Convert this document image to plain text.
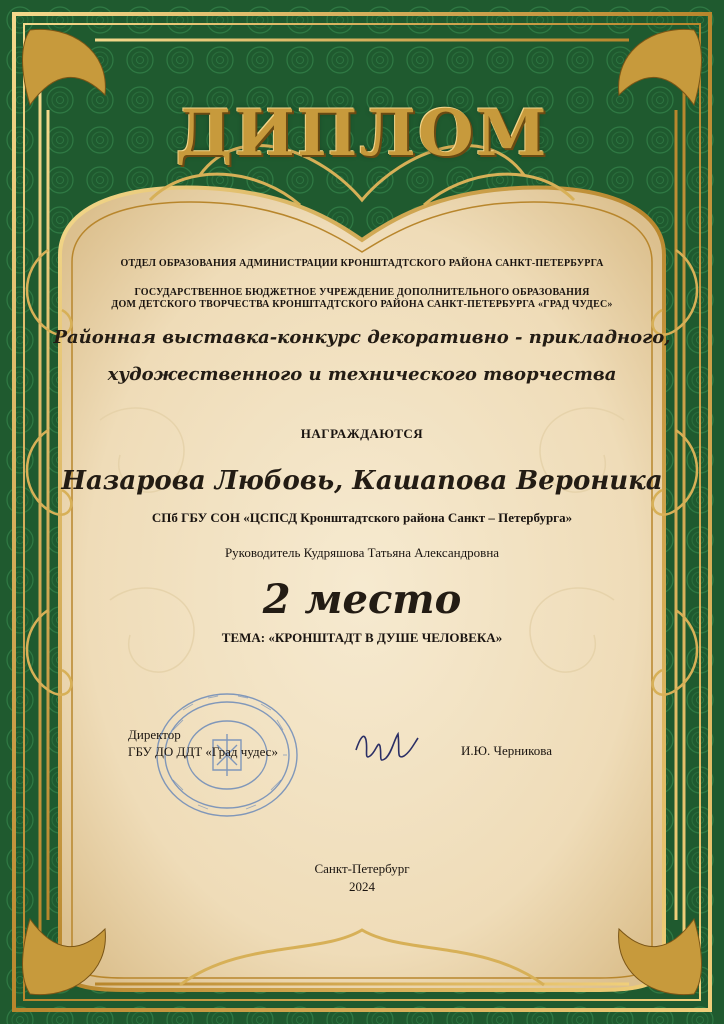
ДИПЛОМ
ОТДЕЛ ОБРАЗОВАНИЯ АДМИНИСТРАЦИИ КРОНШТАДТСКОГО РАЙОНА САНКТ-ПЕТЕРБУРГА
ГОСУДАРСТВЕННОЕ БЮДЖЕТНОЕ УЧРЕЖДЕНИЕ ДОПОЛНИТЕЛЬНОГО ОБРАЗОВАНИЯ
ДОМ ДЕТСКОГО ТВОРЧЕСТВА КРОНШТАДТСКОГО РАЙОНА САНКТ-ПЕТЕРБУРГА «ГРАД ЧУДЕС»
Районная выставка-конкурс декоративно - прикладного,
художественного и технического творчества
НАГРАЖДАЮТСЯ
Назарова Любовь, Кашапова Вероника
СПб ГБУ СОН «ЦСПСД Кронштадтского района Санкт – Петербурга»
Руководитель Кудряшова Татьяна Александровна
2 место
ТЕМА: «КРОНШТАДТ В ДУШЕ ЧЕЛОВЕКА»
Директор
ГБУ ДО ДДТ «Град чудес»	И.Ю. Черникова
Санкт-Петербург
2024
